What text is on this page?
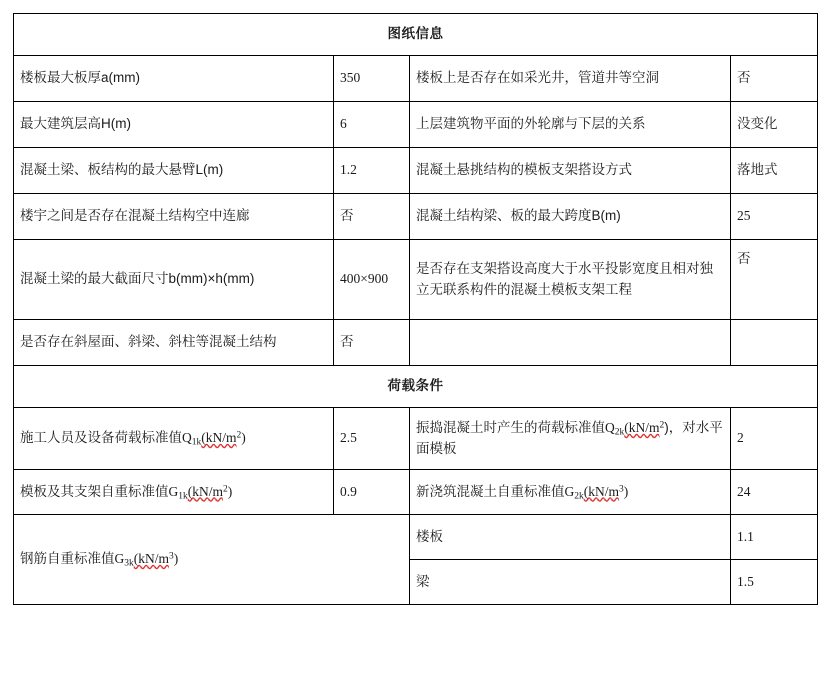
图纸信息			
楼板最大板厚a(mm)	350	楼板上是否存在如采光井，管道井等空洞	否
最大建筑层高H(m)	6	上层建筑物平面的外轮廓与下层的关系	没变化
混凝土梁、板结构的最大悬臂L(m)	1.2	混凝土悬挑结构的模板支架搭设方式	落地式
楼宇之间是否存在混凝土结构空中连廊	否	混凝土结构梁、板的最大跨度B(m)	25
混凝土梁的最大截面尺寸b(mm)×h(mm)	400×900	是否存在支架搭设高度大于水平投影宽度且相对独立无联系构件的混凝土模板支架工程	否
是否存在斜屋面、斜梁、斜柱等混凝土结构	否		
荷载条件			
施工人员及设备荷载标准值$Q_{1k}(kN/m^2)$	2.5	振捣混凝土时产生的荷载标准值$Q_{2k}(kN/m^2)$，对水平面模板	2
模板及其支架自重标准值$G_{1k}(kN/m^2)$	0.9	新浇筑混凝土自重标准值$G_{2k}(kN/m^3)$	24
钢筋自重标准值$G_{3k}(kN/m^3)$		楼板	1.1
		梁	1.5
